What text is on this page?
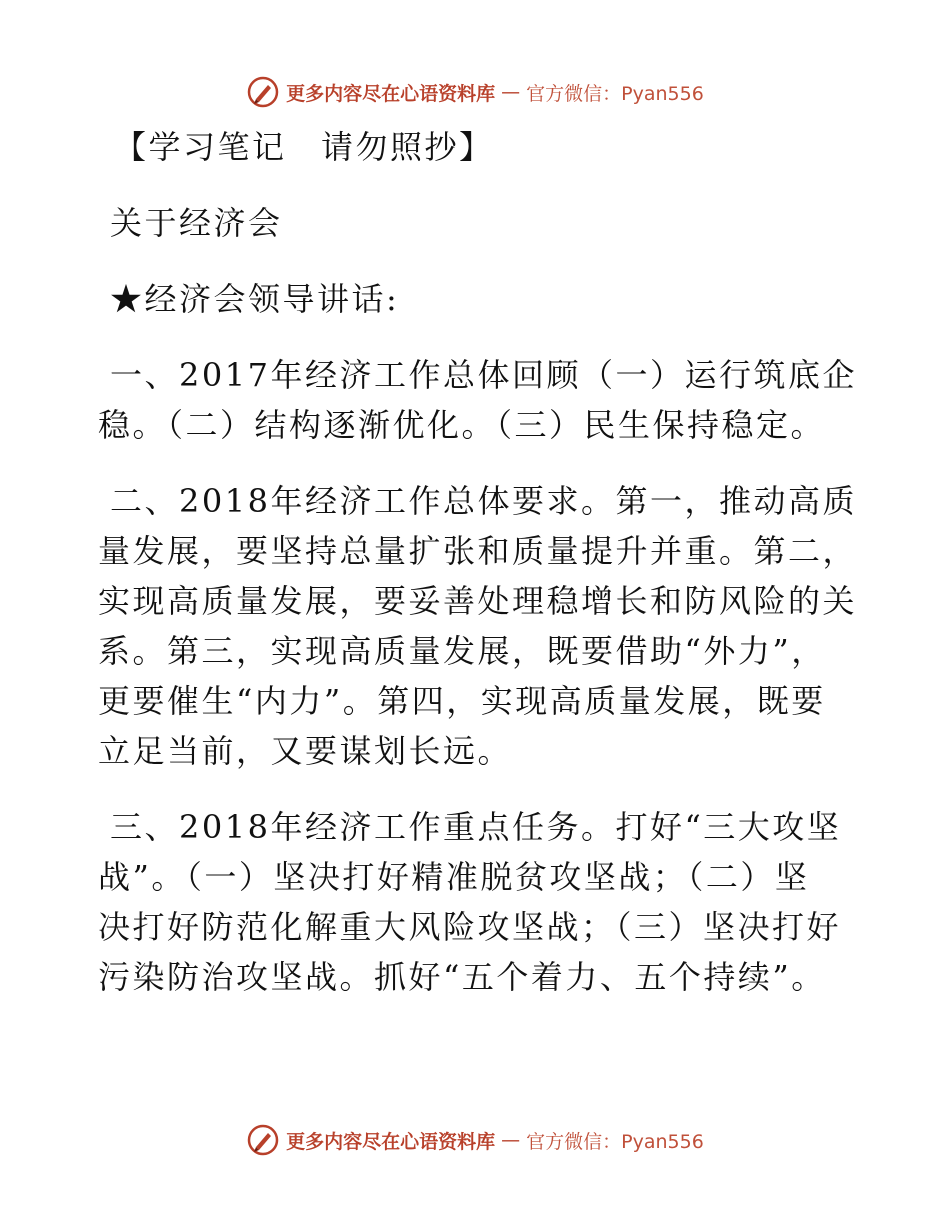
更多内容尽在心语资料库 — 官方微信：Pyan556
【学习笔记　请勿照抄】
关于经济会
★经济会领导讲话:
一、2017年经济工作总体回顾（一）运行筑底企
稳。（二）结构逐渐优化。（三）民生保持稳定。
二、2018年经济工作总体要求。第一，推动高质
量发展，要坚持总量扩张和质量提升并重。第二，
实现高质量发展，要妥善处理稳增长和防风险的关
系。第三，实现高质量发展，既要借助“外力”，
更要催生“内力”。第四，实现高质量发展，既要
立足当前，又要谋划长远。
三、2018年经济工作重点任务。打好“三大攻坚
战”。（一）坚决打好精准脱贫攻坚战；（二）坚
决打好防范化解重大风险攻坚战；（三）坚决打好
污染防治攻坚战。抓好“五个着力、五个持续”。
更多内容尽在心语资料库 — 官方微信：Pyan556
